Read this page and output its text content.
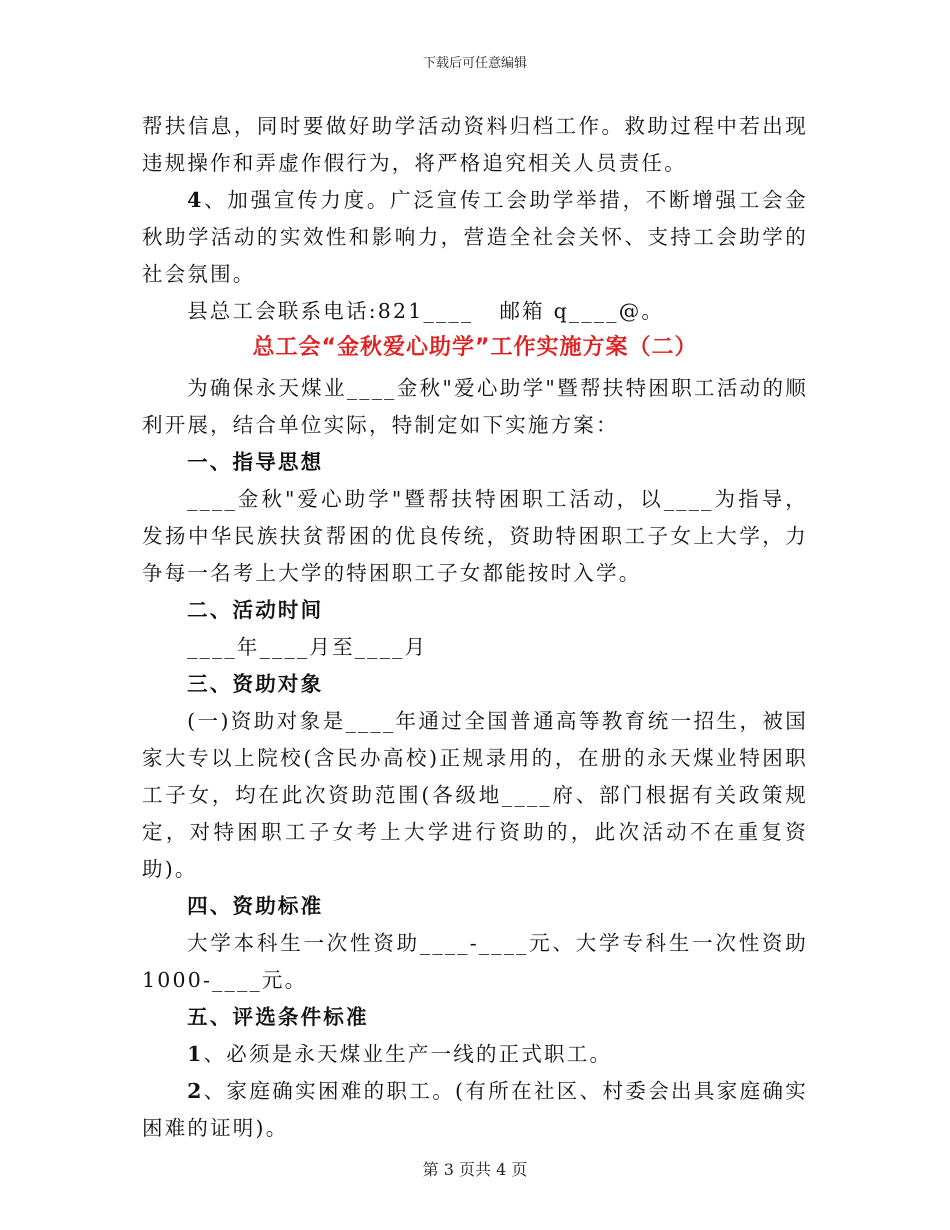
下载后可任意编辑

帮扶信息，同时要做好助学活动资料归档工作。救助过程中若出现违规操作和弄虚作假行为，将严格追究相关人员责任。

4、加强宣传力度。广泛宣传工会助学举措，不断增强工会金秋助学活动的实效性和影响力，营造全社会关怀、支持工会助学的社会氛围。

县总工会联系电话:821____   邮箱 q____@。

总工会“金秋爱心助学”工作实施方案（二）

为确保永天煤业____金秋"爱心助学"暨帮扶特困职工活动的顺利开展，结合单位实际，特制定如下实施方案：

一、指导思想

____金秋"爱心助学"暨帮扶特困职工活动，以____为指导，发扬中华民族扶贫帮困的优良传统，资助特困职工子女上大学，力争每一名考上大学的特困职工子女都能按时入学。

二、活动时间

____年____月至____月

三、资助对象

(一)资助对象是____年通过全国普通高等教育统一招生，被国家大专以上院校(含民办高校)正规录用的，在册的永天煤业特困职工子女，均在此次资助范围(各级地____府、部门根据有关政策规定，对特困职工子女考上大学进行资助的，此次活动不在重复资助)。

四、资助标准

大学本科生一次性资助____-____元、大学专科生一次性资助1000-____元。

五、评选条件标准

1、必须是永天煤业生产一线的正式职工。

2、家庭确实困难的职工。(有所在社区、村委会出具家庭确实困难的证明)。

第 3 页共 4 页
